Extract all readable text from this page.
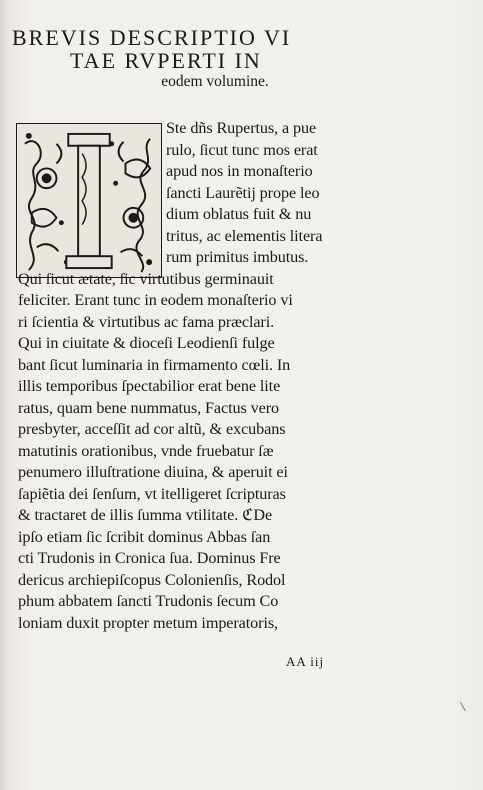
BREVIS DESCRIPTIO VI
TAE RVPERTI IN
eodem volumine.
Ste dñs Rupertus, a pue
rulo, ſicut tunc mos erat
apud nos in monaſterio
ſancti Laurẽtij prope leo
dium oblatus fuit & nu
tritus, ac elementis litera
rum primitus imbutus.
Qui ſicut ætate, ſic virtutibus germinauit
feliciter. Erant tunc in eodem monaſterio vi
ri ſcientia & virtutibus ac fama præclari.
Qui in ciuitate & dioceſi Leodienſi fulge
bant ſicut luminaria in firmamento cœli. In
illis temporibus ſpectabilior erat bene lite
ratus, quam bene nummatus, Factus vero
presbyter, acceſſit ad cor altũ, & excubans
matutinis orationibus, vnde fruebatur ſæ
penumero illuſtratione diuina, & aperuit ei
ſapiẽtia dei ſenſum, vt itelligeret ſcripturas
& tractaret de illis ſumma vtilitate. ℭDe
ipſo etiam ſic ſcribit dominus Abbas ſan
cti Trudonis in Cronica ſua. Dominus Fre
dericus archiepiſcopus Colonienſis, Rodol
phum abbatem ſancti Trudonis ſecum Co
loniam duxit propter metum imperatoris,
AA iij
